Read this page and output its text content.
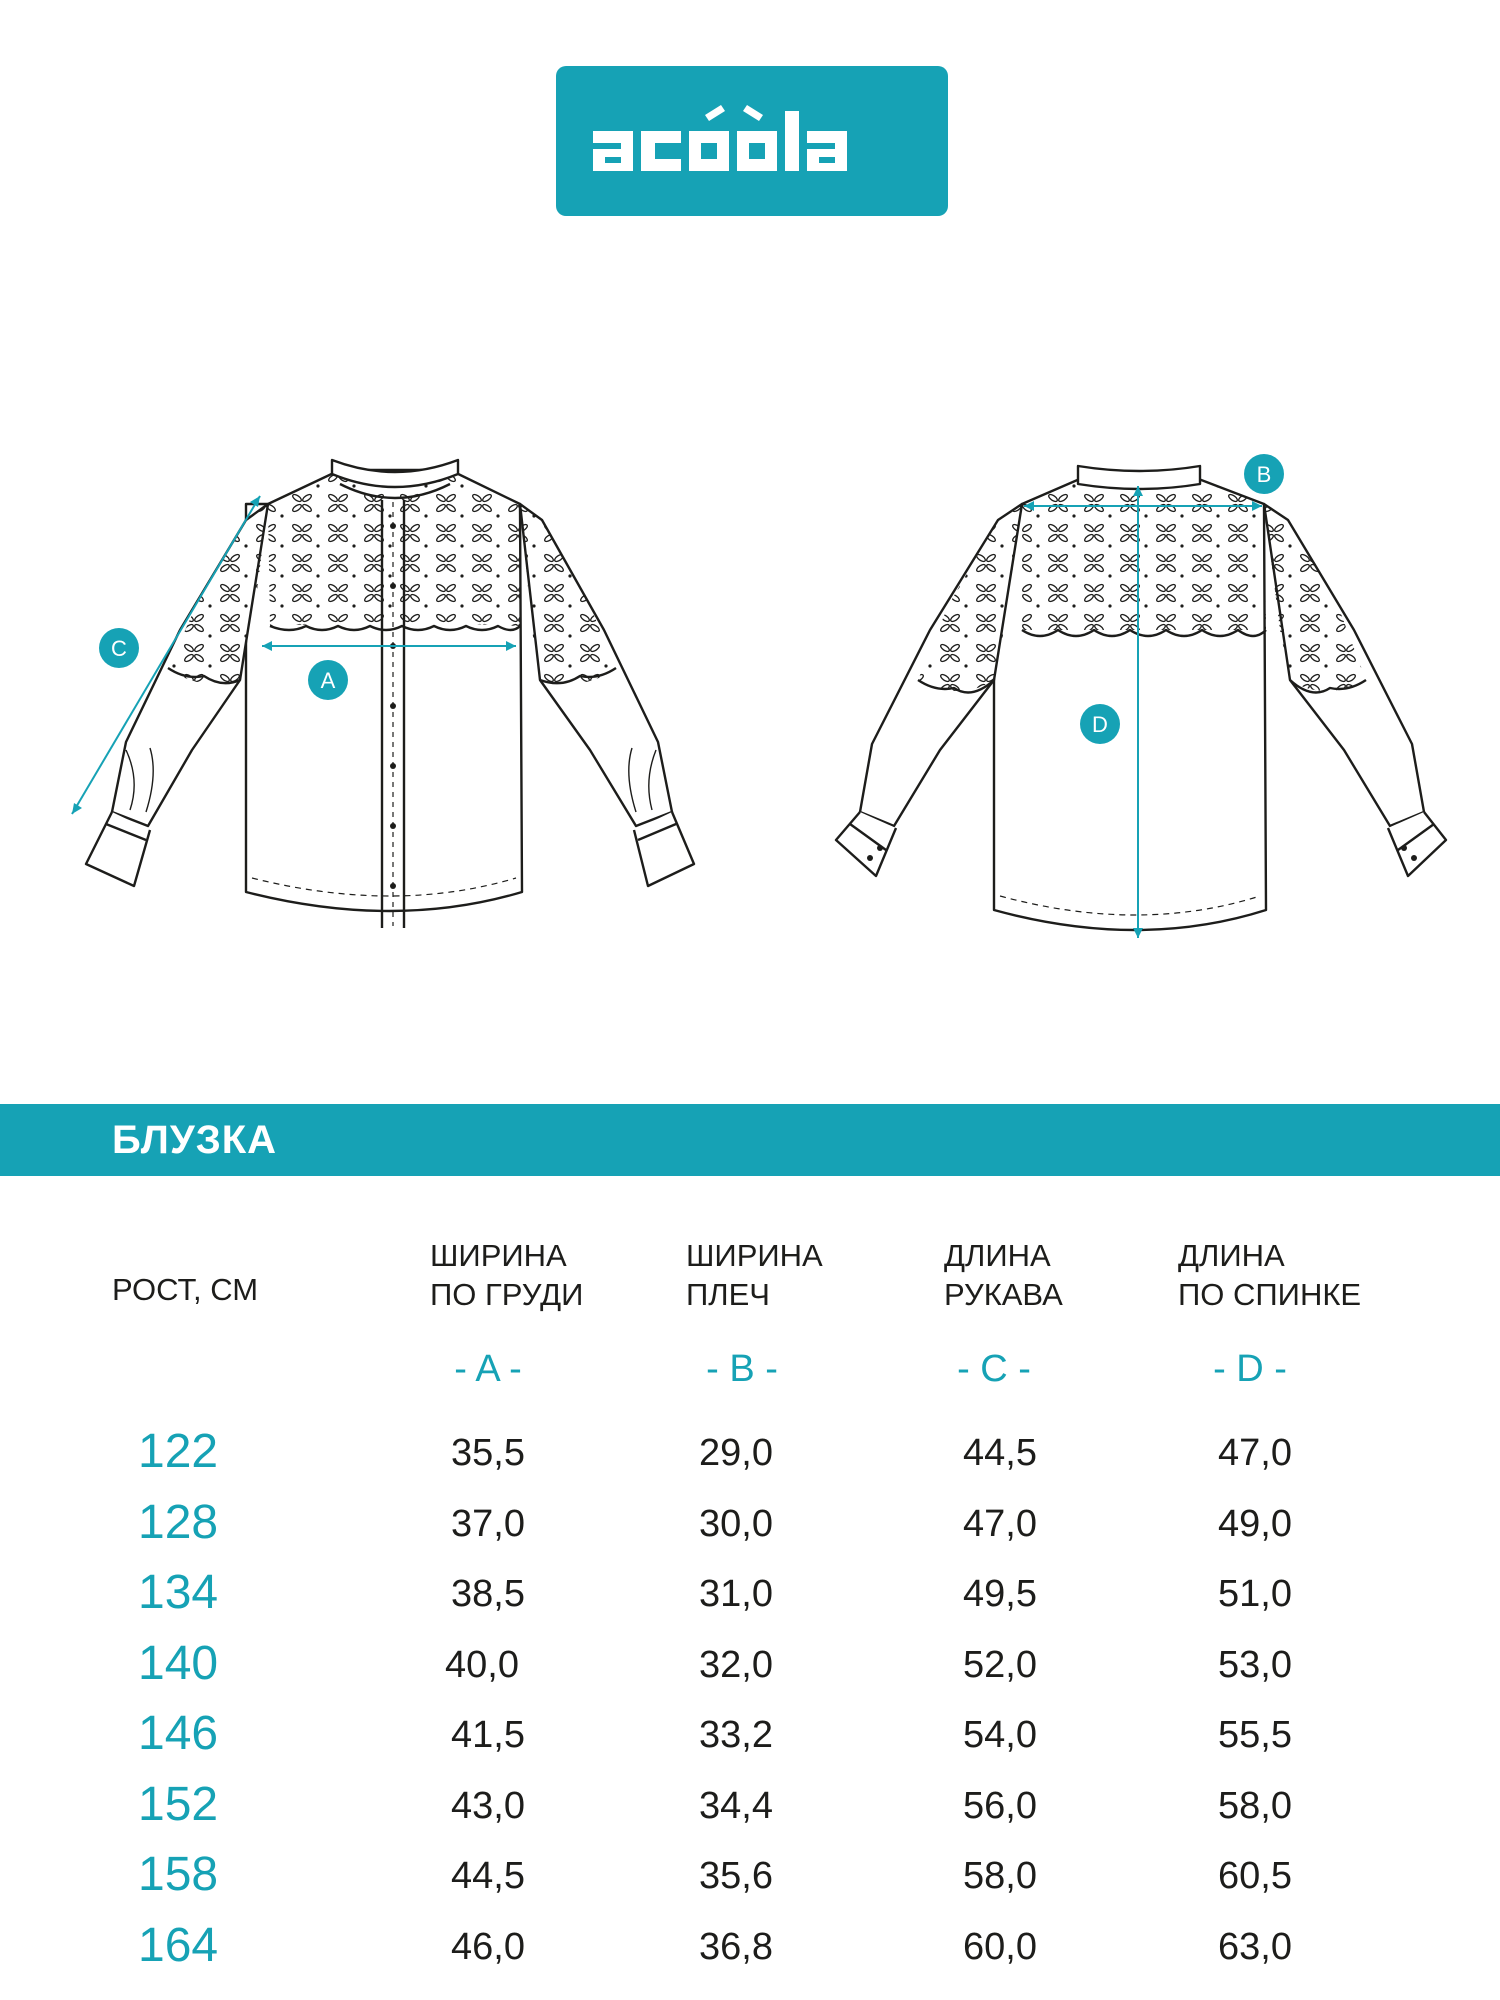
A
C
B
D
БЛУЗКА
РОСТ, СМ
ШИРИНА
ПО ГРУДИ
ШИРИНА
ПЛЕЧ
ДЛИНА
РУКАВА
ДЛИНА
ПО СПИНКЕ
- A -	- B -	- C -	- D -
122	35,5	29,0	44,5	47,0
128	37,0	30,0	47,0	49,0
134	38,5	31,0	49,5	51,0
140	40,0	32,0	52,0	53,0
146	41,5	33,2	54,0	55,5
152	43,0	34,4	56,0	58,0
158	44,5	35,6	58,0	60,5
164	46,0	36,8	60,0	63,0
